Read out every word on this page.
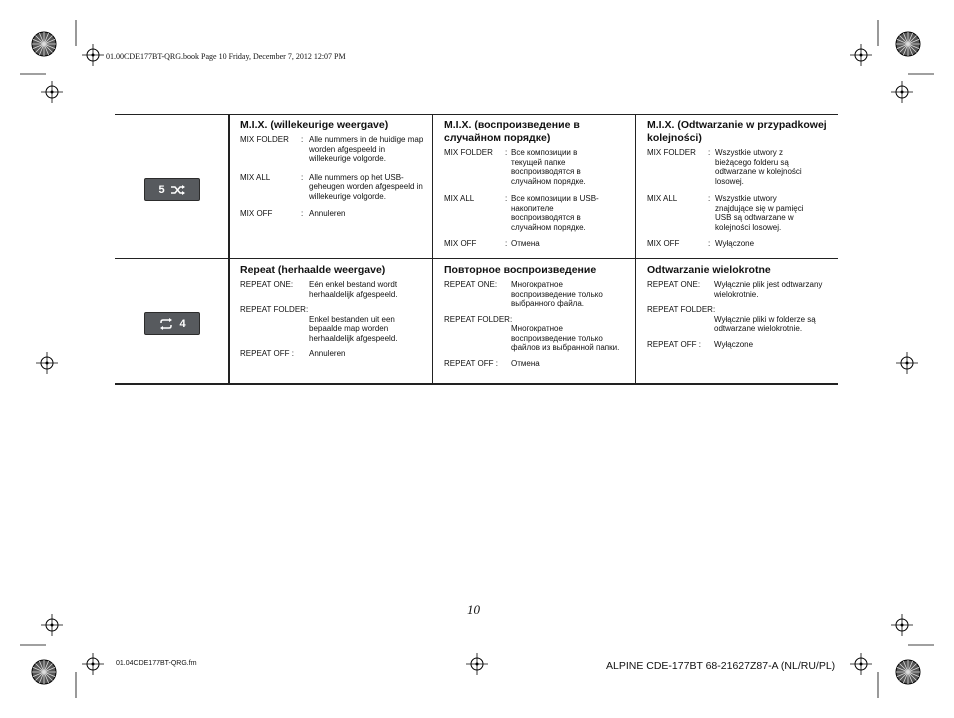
01.00CDE177BT-QRG.book Page 10 Friday, December 7, 2012 12:07 PM
5
4
M.I.X. (willekeurige weergave)
MIX FOLDER	: Alle nummers in de huidige map worden afgespeeld in willekeurige volgorde.
MIX ALL	: Alle nummers op het USB-geheugen worden afgespeeld in willekeurige volgorde.
MIX OFF	: Annuleren
M.I.X. (воспроизведение в случайном порядке)
MIX FOLDER	: Все композиции в текущей папке воспроизводятся в случайном порядке.
MIX ALL	: Все композиции в USB-накопителе воспроизводятся в случайном порядке.
MIX OFF	: Отмена
M.I.X. (Odtwarzanie w przypadkowej kolejności)
MIX FOLDER	: Wszystkie utwory z bieżącego folderu są odtwarzane w kolejności losowej.
MIX ALL	: Wszystkie utwory znajdujące się w pamięci USB są odtwarzane w kolejności losowej.
MIX OFF	: Wyłączone
Repeat (herhaalde weergave)
REPEAT ONE:	Eén enkel bestand wordt herhaaldelijk afgespeeld.
REPEAT FOLDER:
Enkel bestanden uit een bepaalde map worden herhaaldelijk afgespeeld.
REPEAT OFF :	Annuleren
Повторное воспроизведение
REPEAT ONE:	Многократное воспроизведение только выбранного файла.
REPEAT FOLDER:
Многократное воспроизведение только файлов из выбранной папки.
REPEAT OFF :	Отмена
Odtwarzanie wielokrotne
REPEAT ONE:	Wyłącznie plik jest odtwarzany wielokrotnie.
REPEAT FOLDER:
Wyłącznie pliki w folderze są odtwarzane wielokrotnie.
REPEAT OFF :	Wyłączone
10
01.04CDE177BT-QRG.fm	ALPINE CDE-177BT 68-21627Z87-A (NL/RU/PL)
